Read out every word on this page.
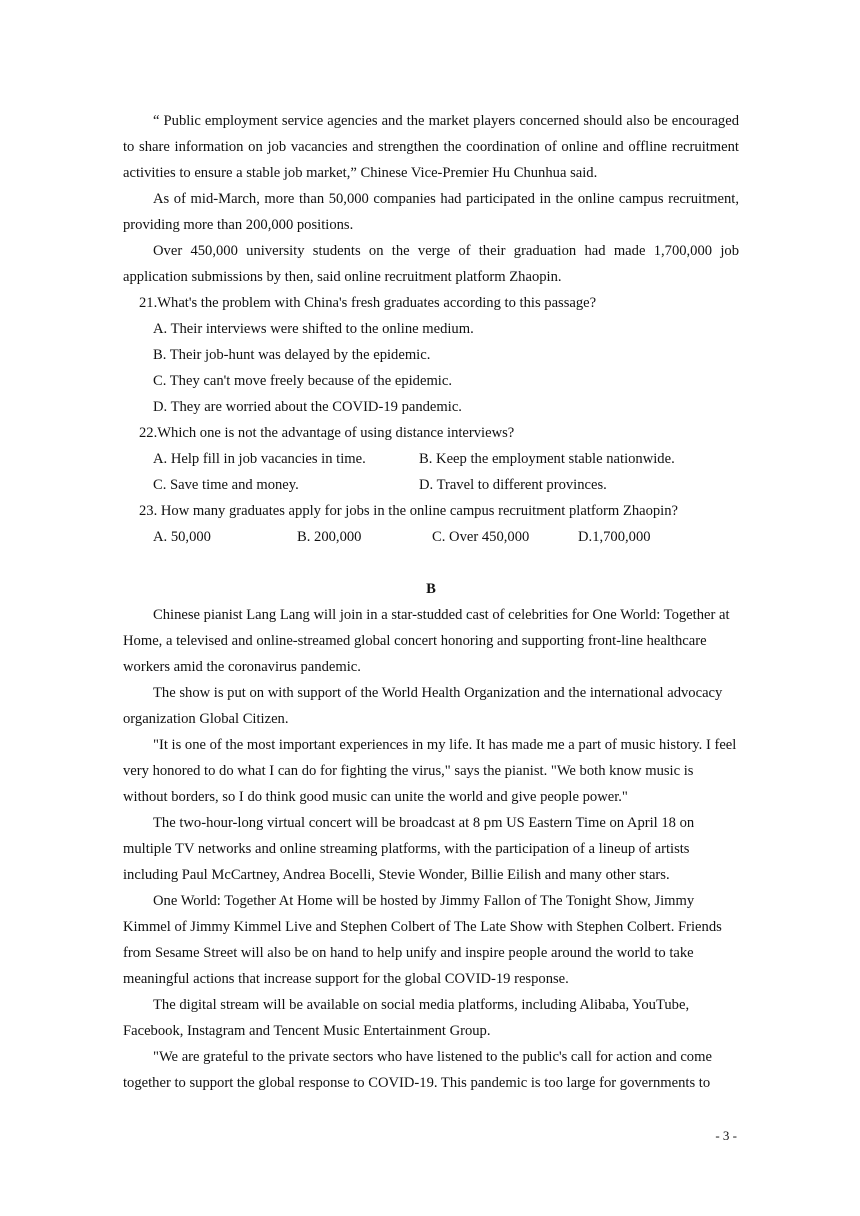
“ Public employment service agencies and the market players concerned should also be encouraged to share information on job vacancies and strengthen the coordination of online and offline recruitment activities to ensure a stable job market,” Chinese Vice-Premier Hu Chunhua said.

As of mid-March, more than 50,000 companies had participated in the online campus recruitment, providing more than 200,000 positions.

Over 450,000 university students on the verge of their graduation had made 1,700,000 job application submissions by then, said online recruitment platform Zhaopin.

21.What's the problem with China's fresh graduates according to this passage?

A. Their interviews were shifted to the online medium.

B. Their job-hunt was delayed by the epidemic.

C. They can't move freely because of the epidemic.

D. They are worried about the COVID-19 pandemic.

22.Which one is not the advantage of using distance interviews?

A. Help fill in job vacancies in time.	B. Keep the employment stable nationwide.
C. Save time and money.	D. Travel to different provinces.

23. How many graduates apply for jobs in the online campus recruitment platform Zhaopin?

A. 50,000	B. 200,000	C. Over 450,000	D.1,700,000

B

Chinese pianist Lang Lang will join in a star-studded cast of celebrities for One World: Together at Home, a televised and online-streamed global concert honoring and supporting front-line healthcare workers amid the coronavirus pandemic.

The show is put on with support of the World Health Organization and the international advocacy organization Global Citizen.

"It is one of the most important experiences in my life. It has made me a part of music history. I feel very honored to do what I can do for fighting the virus," says the pianist. "We both know music is without borders, so I do think good music can unite the world and give people power."

The two-hour-long virtual concert will be broadcast at 8 pm US Eastern Time on April 18 on multiple TV networks and online streaming platforms, with the participation of a lineup of artists including Paul McCartney, Andrea Bocelli, Stevie Wonder, Billie Eilish and many other stars.

One World: Together At Home will be hosted by Jimmy Fallon of The Tonight Show, Jimmy Kimmel of Jimmy Kimmel Live and Stephen Colbert of The Late Show with Stephen Colbert. Friends from Sesame Street will also be on hand to help unify and inspire people around the world to take meaningful actions that increase support for the global COVID-19 response.

The digital stream will be available on social media platforms, including Alibaba, YouTube, Facebook, Instagram and Tencent Music Entertainment Group.

"We are grateful to the private sectors who have listened to the public's call for action and come together to support the global response to COVID-19. This pandemic is too large for governments to

- 3 -
